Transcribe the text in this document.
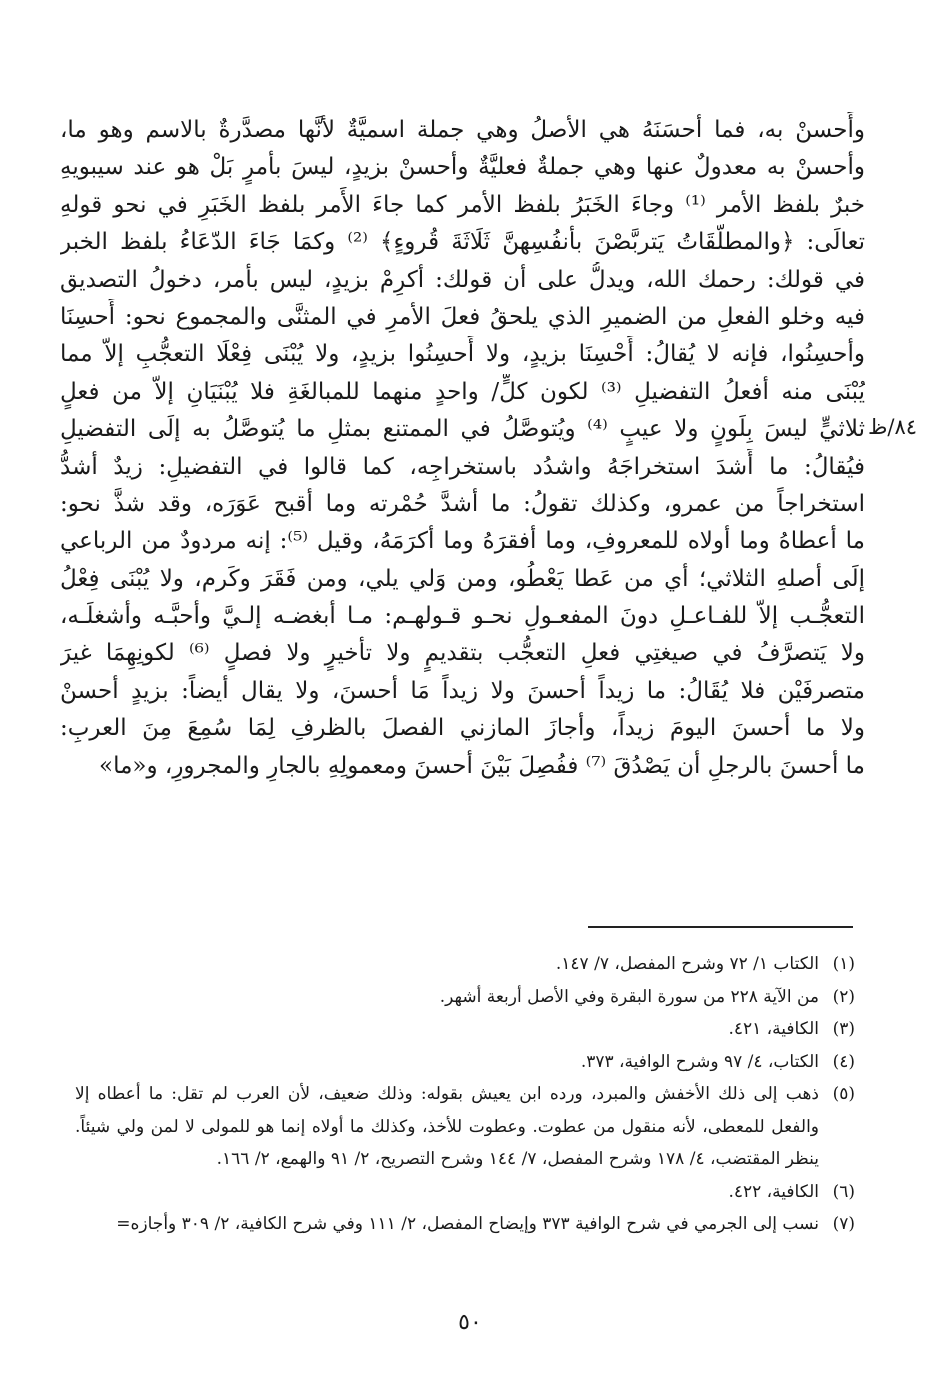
٨٤/ظ
وأَحسنْ به، فما أحسَنَهُ هي الأصلُ وهي جملة اسميَّةٌ لأنَّها مصدَّرةٌ بالاسم وهو ما،
وأحسنْ به معدولٌ عنها وهي جملةٌ فعليَّةٌ وأحسنْ بزيدٍ، ليسَ بأمرٍ بَلْ هو عند سيبويهِ
خبرٌ بلفظ الأمر ⁽¹⁾ وجاءَ الخَبَرُ بلفظ الأمر كما جاءَ الأَمر بلفظ الخَبَرِ في نحو قولهِ
تعالَى: ﴿والمطلَّقَاتُ يَتربَّصْنَ بأنفُسِهنَّ ثَلَاثَةَ قُروءٍ﴾ ⁽²⁾ وكمَا جَاءَ الدّعَاءُ بلفظ الخبر
في قولك: رحمك الله، ويدلُّ على أن قولك: أكرِمْ بزيدٍ، ليس بأمر، دخولُ التصديق
فيه وخلو الفعلِ من الضميرِ الذي يلحقُ فعلَ الأمرِ في المثنَّى والمجموع نحو: أَحسِنَا
وأحسِنُوا، فإنه لا يُقالُ: أَحْسِنَا بزيدٍ، ولا أَحسِنُوا بزيدٍ، ولا يُبْنَى فِعْلَا التعجُّبِ إلاّ مما
يُبْنَى منه أفعلُ التفضيلِ ⁽³⁾ لكون كلٍّ/ واحدٍ منهما للمبالغَةِ فلا يُبْنَيَانِ إلاّ من فعلٍ
ثلاثيٍّ ليسَ بِلَونٍ ولا عيبٍ ⁽⁴⁾ ويُتوصَّلُ في الممتنع بمثلِ ما يُتوصَّلُ به إلَى التفضيلِ
فيُقالُ: ما أَشدَ استخراجَهُ واشدُد باستخراجِه، كما قالوا في التفضيلِ: زيدٌ أشدُّ
استخراجاً من عمرو، وكذلك تقولُ: ما أشدَّ حُمْرته وما أقبح عَوَرَه، وقد شذَّ نحو:
ما أعطاهُ وما أولاه للمعروفِ، وما أفقرَهُ وما أكرَمَهُ، وقيل ⁽⁵⁾: إنه مردودٌ من الرباعي
إلَى أصلهِ الثلاثي؛ أي من عَطا يَعْطُو، ومن وَلي يلي، ومن فَقَرَ وكَرم، ولا يُبْنَى فِعْلُ
التعجُّـب إلاّ للفـاعـلِ دونَ المفعـولِ نحـو قـولهـم: مـا أبغضـه إلـيَّ وأحبَّـه وأشغلَـه،
ولا يَتصرَّفُ في صيغتِي فعلِ التعجُّب بتقديمٍ ولا تأخيرٍ ولا فصلٍ ⁽⁶⁾ لكونِهِمَا غيرَ
متصرفَيْن فلا يُقَالُ: ما زيداً أحسنَ ولا زيداً مَا أحسنَ، ولا يقال أيضاً: بزيدٍ أحسنْ
ولا ما أحسنَ اليومَ زيداً، وأجازَ المازني الفصلَ بالظرفِ لِمَا سُمِعَ مِنَ العربِ:
ما أحسنَ بالرجلِ أن يَصْدُقَ ⁽⁷⁾ ففُصِلَ بَيْنَ أحسنَ ومعمولِهِ بالجارِ والمجرورِ، و«ما»
(١)
الكتاب ١/ ٧٢ وشرح المفصل، ٧/ ١٤٧.
(٢)
من الآية ٢٢٨ من سورة البقرة وفي الأصل أربعة أشهر.
(٣)
الكافية، ٤٢١.
(٤)
الكتاب، ٤/ ٩٧ وشرح الوافية، ٣٧٣.
(٥)
ذهب إلى ذلك الأخفش والمبرد، ورده ابن يعيش بقوله: وذلك ضعيف، لأن العرب لم تقل: ما أعطاه إلا والفعل للمعطى، لأنه منقول من عطوت. وعطوت للأخذ، وكذلك ما أولاه إنما هو للمولى لا لمن ولي شيئاً. ينظر المقتضب، ٤/ ١٧٨ وشرح المفصل، ٧/ ١٤٤ وشرح التصريح، ٢/ ٩١ والهمع، ٢/ ١٦٦.
(٦)
الكافية، ٤٢٢.
(٧)
نسب إلى الجرمي في شرح الوافية ٣٧٣ وإيضاح المفصل، ٢/ ١١١ وفي شرح الكافية، ٢/ ٣٠٩ وأجازه=
٥٠
